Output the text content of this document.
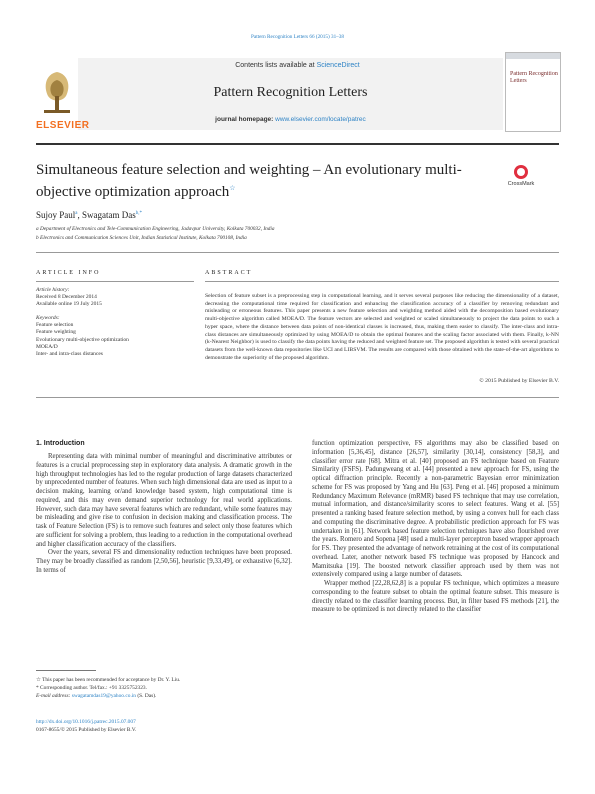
Pattern Recognition Letters 66 (2015) 31–38
Contents lists available at ScienceDirect
Pattern Recognition Letters
journal homepage: www.elsevier.com/locate/patrec
ELSEVIER
Pattern Recognition Letters
Simultaneous feature selection and weighting – An evolutionary multi-objective optimization approach☆	CrossMark
Sujoy Paul$^a$, Swagatam Das$^{b,*}$
a Department of Electronics and Tele-Communication Engineering, Jadavpur University, Kolkata 700032, India
b Electronics and Communication Sciences Unit, Indian Statistical Institute, Kolkata 700108, India
ARTICLE INFO	ABSTRACT
Article history:
Received 8 December 2014
Available online 19 July 2015
Keywords:
Feature selection
Feature weighting
Evolutionary multi-objective optimization
MOEA/D
Inter- and intra-class distances
Selection of feature subset is a preprocessing step in computational learning, and it serves several purposes like reducing the dimensionality of a dataset, decreasing the computational time required for classification and enhancing the classification accuracy of a classifier by removing redundant and misleading or erroneous features. This paper presents a new feature selection and weighting method aided with the decomposition based evolutionary multi-objective algorithm called MOEA/D. The feature vectors are selected and weighted or scaled simultaneously to project the data points to such a hyper space, where the distance between data points of non-identical classes is increased, thus, making them easier to classify. The inter-class and intra-class distances are simultaneously optimized by using MOEA/D to obtain the optimal features and the scaling factor associated with them. Finally, k-NN (k-Nearest Neighbor) is used to classify the data points having the reduced and weighted feature set. The proposed algorithm is tested with several practical datasets from the well-known data repositories like UCI and LIBSVM. The results are compared with those obtained with the state-of-the-art algorithms to demonstrate the superiority of the proposed algorithm.
© 2015 Published by Elsevier B.V.
1. Introduction

Representing data with minimal number of meaningful and discriminative attributes or features is a crucial preprocessing step in exploratory data analysis. A dramatic growth in the high throughput technologies has led to the regular production of large datasets characterized by unprecedented number of features. When such high dimensional data are used as input to a decision making, learning or/and knowledge based system, high computational time is required, and this may even demand superior technology for real world applications. However, such data may have several features which are redundant, while some features may be misleading and give rise to confusion in decision making and classification process. The task of Feature Selection (FS) is to remove such features and select only those features which are sufficient for solving a problem, thus leading to a reduction in the computational overhead and higher classification accuracy of the classifiers.

Over the years, several FS and dimensionality reduction techniques have been proposed. They may be broadly classified as random [2,50,56], heuristic [9,33,49], or exhaustive [6,32]. In terms of

function optimization perspective, FS algorithms may also be classified based on information [5,36,45], distance [26,57], similarity [30,14], consistency [58,3], and classifier error rate [68]. Mitra et al. [40] proposed an FS technique based on Feature Similarity (FSFS). Padungweang et al. [44] presented a new approach for FS, using the optical diffraction principle. Recently a non-parametric Bayesian error minimization scheme for FS was proposed by Yang and Hu [63]. Peng et al. [46] proposed a minimum Redundancy Maximum Relevance (mRMR) based FS technique that may use correlation, mutual information, and distance/similarity scores to select features. Wang et al. [55] presented a ranking based feature selection method, by using a convex hull for each class and computing the discriminative degree. A probabilistic prediction approach for FS was undertaken in [61]. Network based feature selection techniques have also flourished over the years. Romero and Sopena [48] used a multi-layer perceptron based wrapper approach for FS. They presented the advantage of network retraining at the cost of its computational overhead. Later, another network based FS technique was proposed by Hancock and Mamitsuka [19]. The boosted network classifier approach used by them was not extensively compared using a large number of datasets.

Wrapper method [22,28,62,8] is a popular FS technique, which optimizes a measure corresponding to the feature subset to obtain the optimal feature subset. This measure is directly related to the classifier learning process. But, in filter based FS methods [21], the measure to be optimized is not directly related to the classifier

☆ This paper has been recommended for acceptance by Dr. Y. Liu.
* Corresponding author. Tel/fax.: +91 3325752323.
E-mail address: swagatamdas19@yahoo.co.in (S. Das).
http://dx.doi.org/10.1016/j.patrec.2015.07.007
0167-8655/© 2015 Published by Elsevier B.V.
